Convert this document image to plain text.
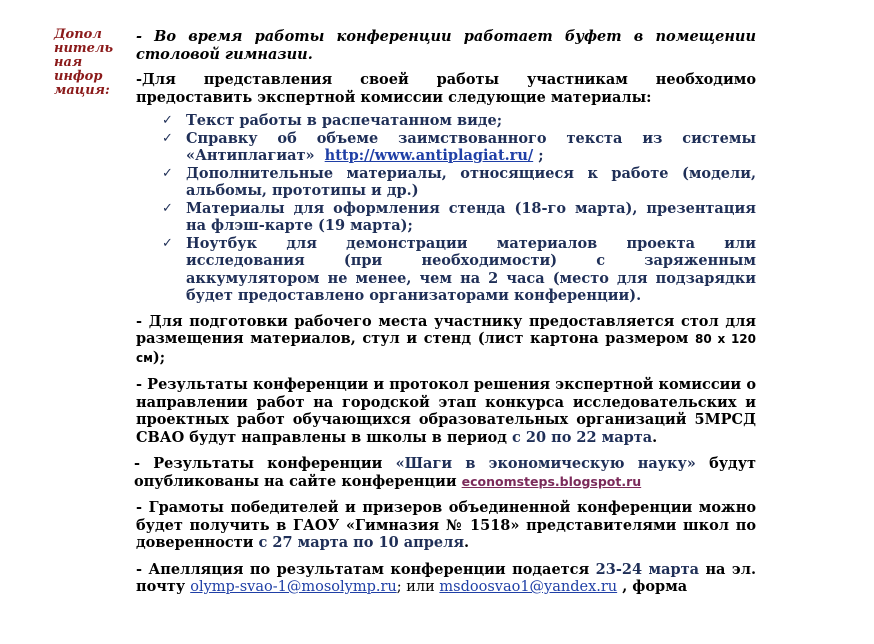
Допол
нитель
ная
инфор
мация:

- Во время работы конференции работает буфет в помещении столовой гимназии.

-Для представления своей работы участникам необходимо предоставить экспертной комиссии следующие материалы:

✓ Текст работы в распечатанном виде;
✓ Справку об объеме заимствованного текста из системы «Антиплагиат» http://www.antiplagiat.ru/ ;
✓ Дополнительные материалы, относящиеся к работе (модели, альбомы, прототипы и др.)
✓ Материалы для оформления стенда (18-го марта), презентация на флэш-карте (19 марта);
✓ Ноутбук для демонстрации материалов проекта или исследования (при необходимости) с заряженным аккумулятором не менее, чем на 2 часа (место для подзарядки будет предоставлено организаторами конференции).

- Для подготовки рабочего места участнику предоставляется стол для размещения материалов, стул и стенд (лист картона размером 80 x 120 см);

- Результаты конференции и протокол решения экспертной комиссии о направлении работ на городской этап конкурса исследовательских и проектных работ обучающихся образовательных организаций 5МРСД СВАО будут направлены в школы в период с 20 по 22 марта.

- Результаты конференции «Шаги в экономическую науку» будут опубликованы на сайте конференции economsteps.blogspot.ru

- Грамоты победителей и призеров объединенной конференции можно будет получить в ГАОУ «Гимназия № 1518» представителями школ по доверенности с 27 марта по 10 апреля.

- Апелляция по результатам конференции подается 23-24 марта на эл. почту olymp-svao-1@mosolymp.ru; или msdoosvao1@yandex.ru , форма
